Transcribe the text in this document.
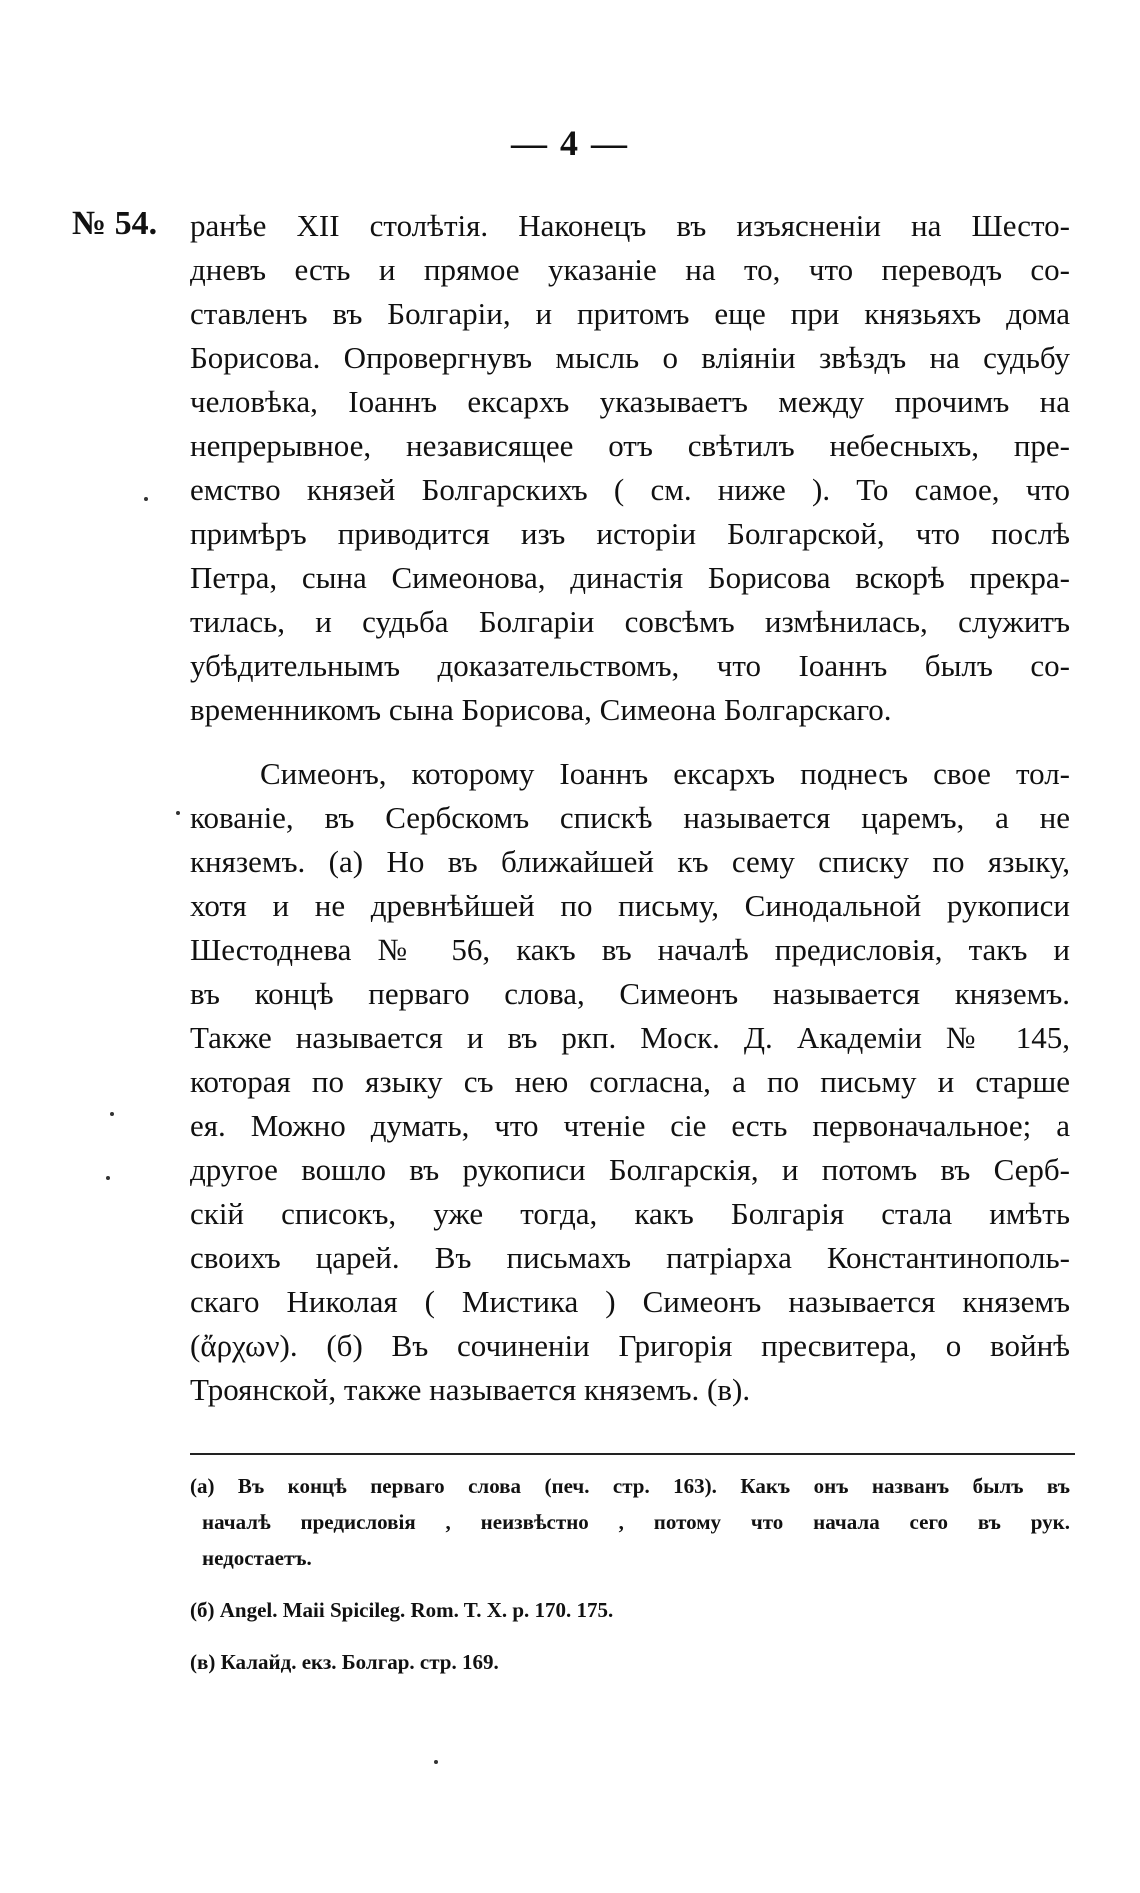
— 4 —
№ 54. ранѣе XII столѣтія. Наконецъ въ изъясненіи на Шесто-
дневъ есть и прямое указаніе на то, что переводъ со-
ставленъ въ Болгаріи, и притомъ еще при князьяхъ дома
Борисова. Опровергнувъ мысль о вліяніи звѣздъ на судьбу
человѣка, Іоаннъ ексархъ указываетъ между прочимъ на
непрерывное, независящее отъ свѣтилъ небесныхъ, пре-
емство князей Болгарскихъ ( см. ниже ). То самое, что
примѣръ приводится изъ исторіи Болгарской, что послѣ
Петра, сына Симеонова, династія Борисова вскорѣ прекра-
тилась, и судьба Болгаріи совсѣмъ измѣнилась, служитъ
убѣдительнымъ доказательствомъ, что Іоаннъ былъ со-
временникомъ сына Борисова, Симеона Болгарскаго.
Симеонъ, которому Іоаннъ ексархъ поднесъ свое тол-
кованіе, въ Сербскомъ спискѣ называется царемъ, а не
княземъ. (а) Но въ ближайшей къ сему списку по языку,
хотя и не древнѣйшей по письму, Синодальной рукописи
Шестоднева № 56, какъ въ началѣ предисловія, такъ и
въ концѣ перваго слова, Симеонъ называется княземъ.
Также называется и въ ркп. Моск. Д. Академіи № 145,
которая по языку съ нею согласна, а по письму и старше
ея. Можно думать, что чтеніе сіе есть первоначальное; а
другое вошло въ рукописи Болгарскія, и потомъ въ Серб-
скій списокъ, уже тогда, какъ Болгарія стала имѣть
своихъ царей. Въ письмахъ патріарха Константинополь-
скаго Николая ( Мистика ) Симеонъ называется княземъ
(ἄρχων). (б) Въ сочиненіи Григорія пресвитера, о войнѣ
Троянской, также называется княземъ. (в).
(а) Въ концѣ перваго слова (печ. стр. 163). Какъ онъ названъ былъ въ
началѣ предисловія , неизвѣстно , потому что начала сего въ рук.
недостаетъ.
(б) Angel. Maii Spicileg. Rom. T. X. p. 170. 175.
(в) Калайд. екз. Болгар. стр. 169.
